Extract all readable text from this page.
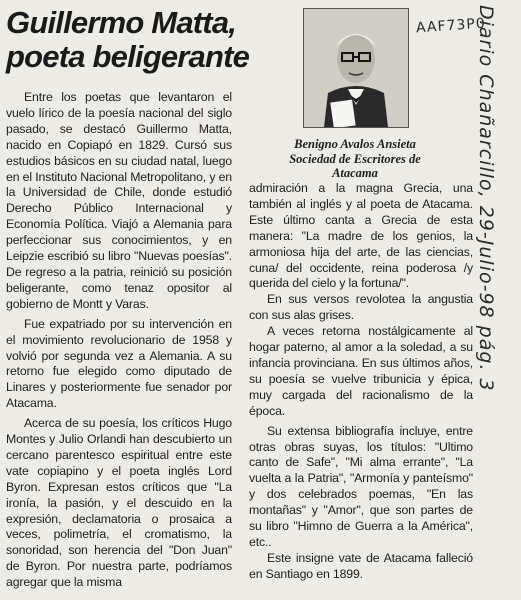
Guillermo Matta,
poeta beligerante

Benigno Avalos Ansieta

Sociedad de Escritores de
Atacama

Entre los poetas que levantaron el vuelo lírico de la poesía nacional del siglo pasado, se destacó Guillermo Matta, nacido en Copiapó en 1829. Cursó sus estudios básicos en su ciudad natal, luego en el Instituto Nacional Metropolitano, y en la Universidad de Chile, donde estudió Derecho Público Internacional y Economía Política. Viajó a Alemania para perfeccionar sus conocimientos, y en Leipzie escribió su libro "Nuevas poesías". De regreso a la patria, reinició su posición beligerante, como tenaz opositor al gobierno de Montt y Varas.

Fue expatriado por su intervención en el movimiento revolucionario de 1958 y volvió por segunda vez a Alemania. A su retorno fue elegido como diputado de Linares y posteriormente fue senador por Atacama.

Acerca de su poesía, los críticos Hugo Montes y Julio Orlandi han descubierto un cercano parentesco espiritual entre este vate copiapino y el poeta inglés Lord Byron. Expresan estos críticos que "La ironía, la pasión, y el descuido en la expresión, declamatoria o prosaica a veces, polimetría, el cromatismo, la sonoridad, son herencia del "Don Juan" de Byron. Por nuestra parte, podríamos agregar que la misma

admiración a la magna Grecia, una también al inglés y al poeta de Atacama. Este último canta a Grecia de esta manera: "La madre de los genios, la armoniosa hija del arte, de las ciencias, cuna/ del occidente, reina poderosa /y querida del cielo y la fortuna/".

En sus versos revolotea la angustia con sus alas grises.

A veces retorna nostálgicamente al hogar paterno, al amor a la soledad, a su infancia provinciana. En sus últimos años, su poesía se vuelve tribunicia y épica, muy cargada del racionalismo de la época.

Su extensa bibliografía incluye, entre otras obras suyas, los títulos: "Ultimo canto de Safe", "Mi alma errante", "La vuelta a la Patria", "Armonía y panteísmo" y dos celebrados poemas, "En las montañas" y "Amor", que son partes de su libro "Himno de Guerra a la América", etc..

Este insigne vate de Atacama falleció en Santiago en 1899.

AAF73P0
Diario Chañarcillo, 29-Julio-98 pág. 3
